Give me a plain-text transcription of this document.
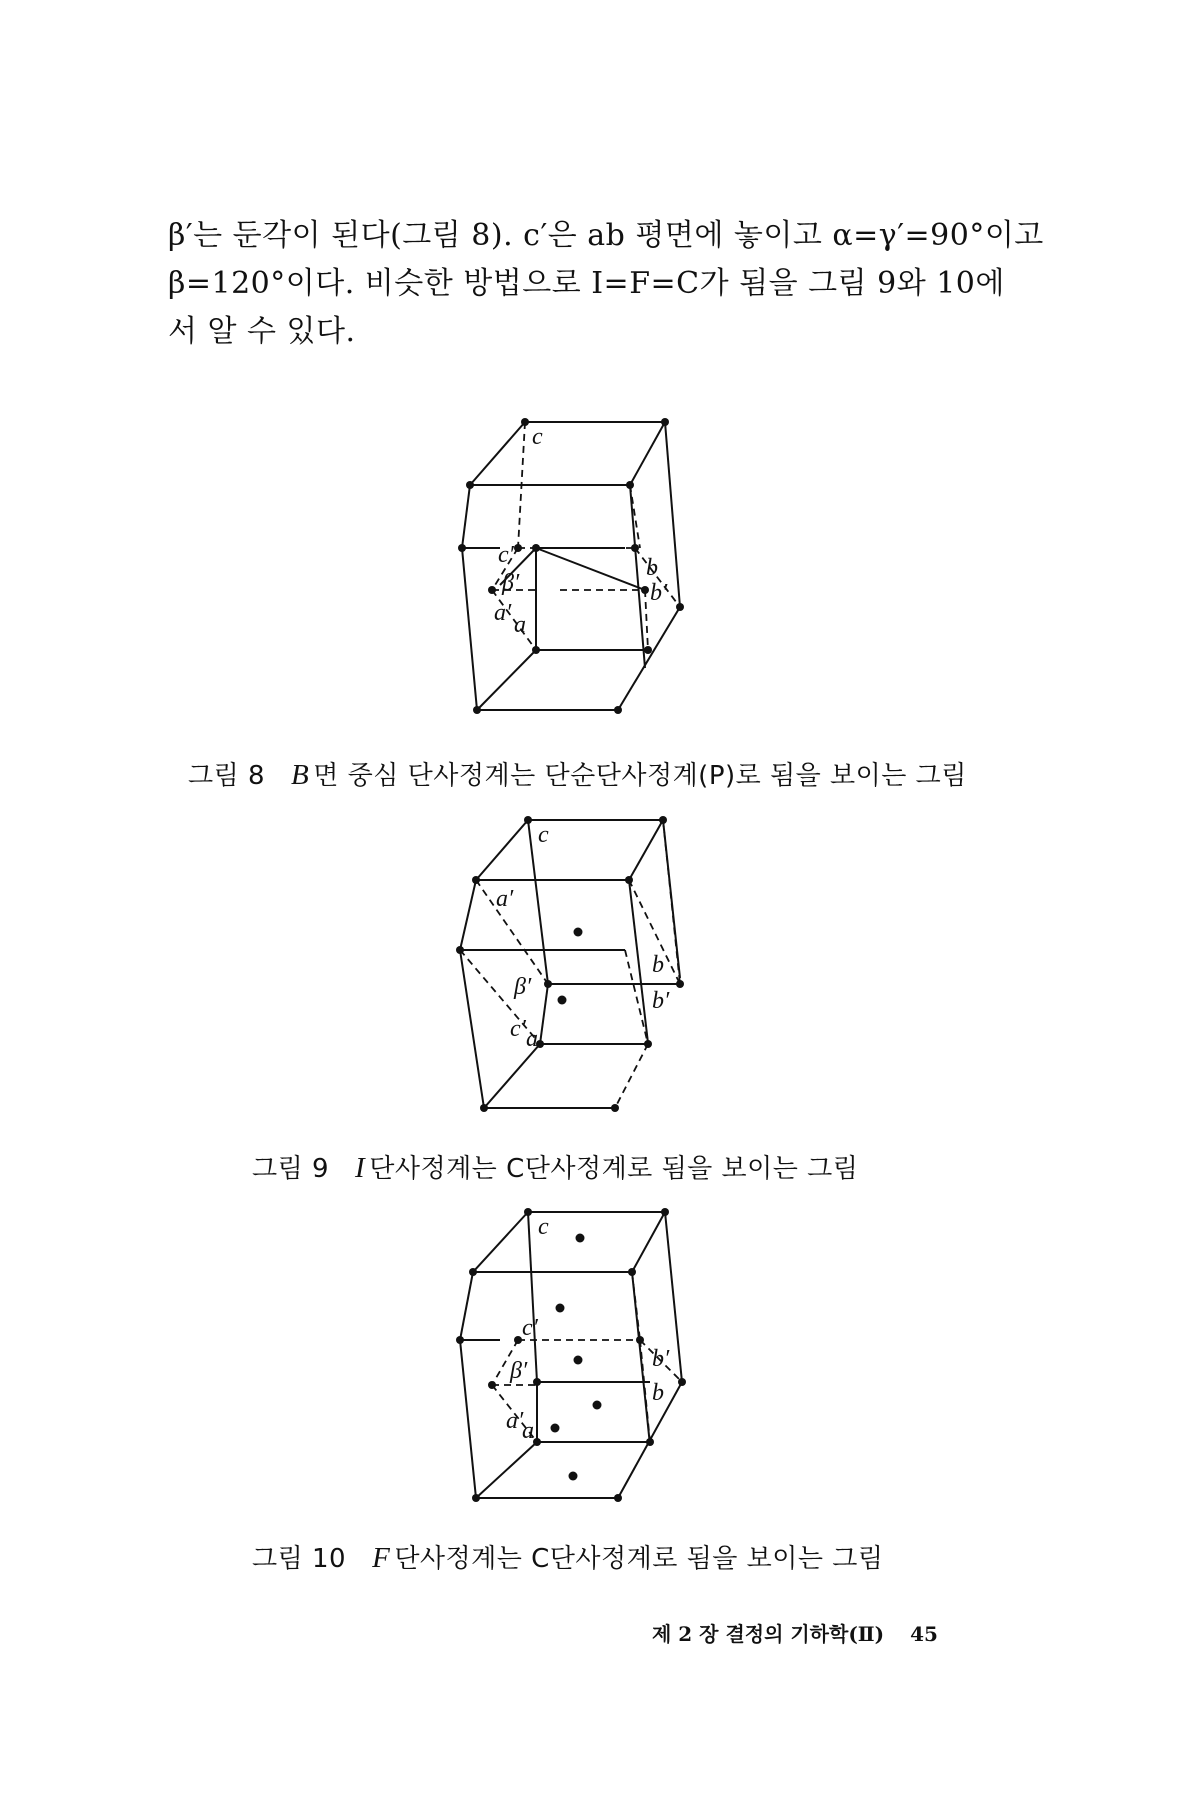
β′는 둔각이 된다(그림 8). c′은 ab 평면에 놓이고 α=γ′=90°이고
β=120°이다. 비슷한 방법으로 I=F=C가 됨을 그림 9와 10에
서 알 수 있다.
c
c′
β′
a′ a
b
b′
그림 8 B 면 중심 단사정계는 단순단사정계(P)로 됨을 보이는 그림
c
a′
β′
c′ a
b
b′
그림 9 I 단사정계는 C단사정계로 됨을 보이는 그림
c
c′
β′
a′
a
b′
b
그림 10 F 단사정계는 C단사정계로 됨을 보이는 그림
제 2 장 결정의 기하학(Ⅱ) 45
